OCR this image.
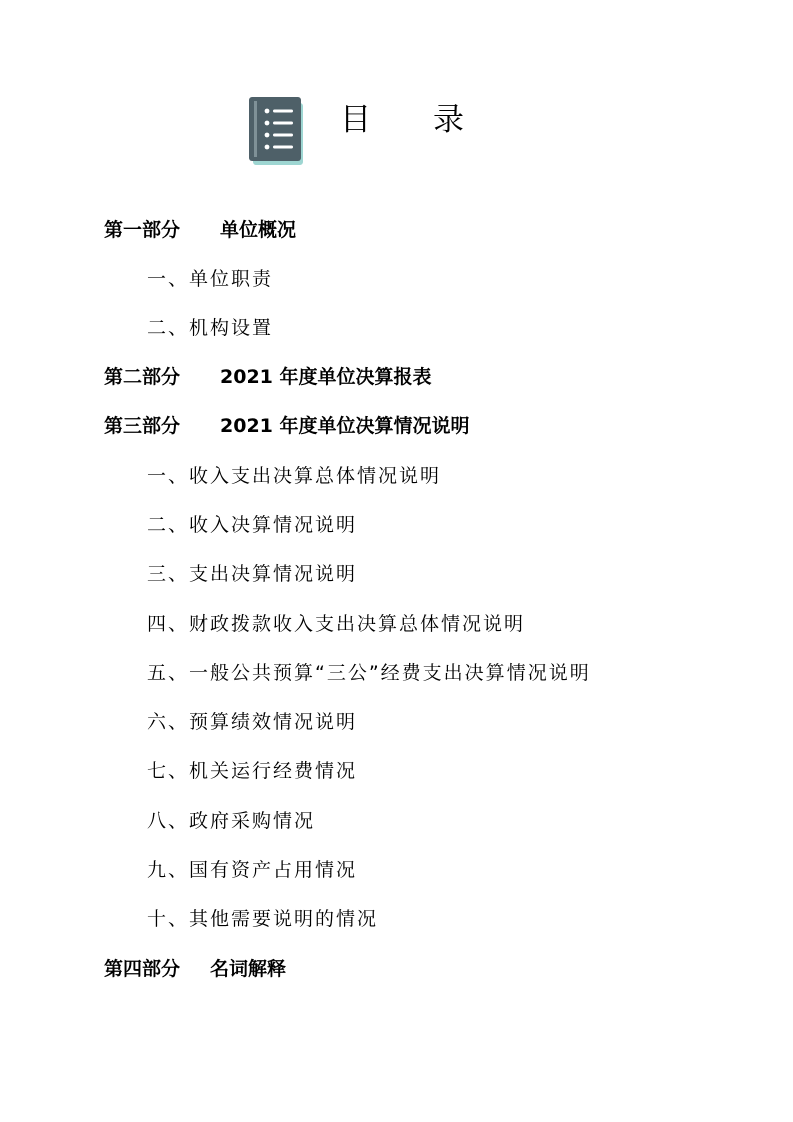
目录
第一部分 单位概况
一、单位职责
二、机构设置
第二部分 2021 年度单位决算报表
第三部分 2021 年度单位决算情况说明
一、收入支出决算总体情况说明
二、收入决算情况说明
三、支出决算情况说明
四、财政拨款收入支出决算总体情况说明
五、一般公共预算“三公”经费支出决算情况说明
六、预算绩效情况说明
七、机关运行经费情况
八、政府采购情况
九、国有资产占用情况
十、其他需要说明的情况
第四部分 名词解释
